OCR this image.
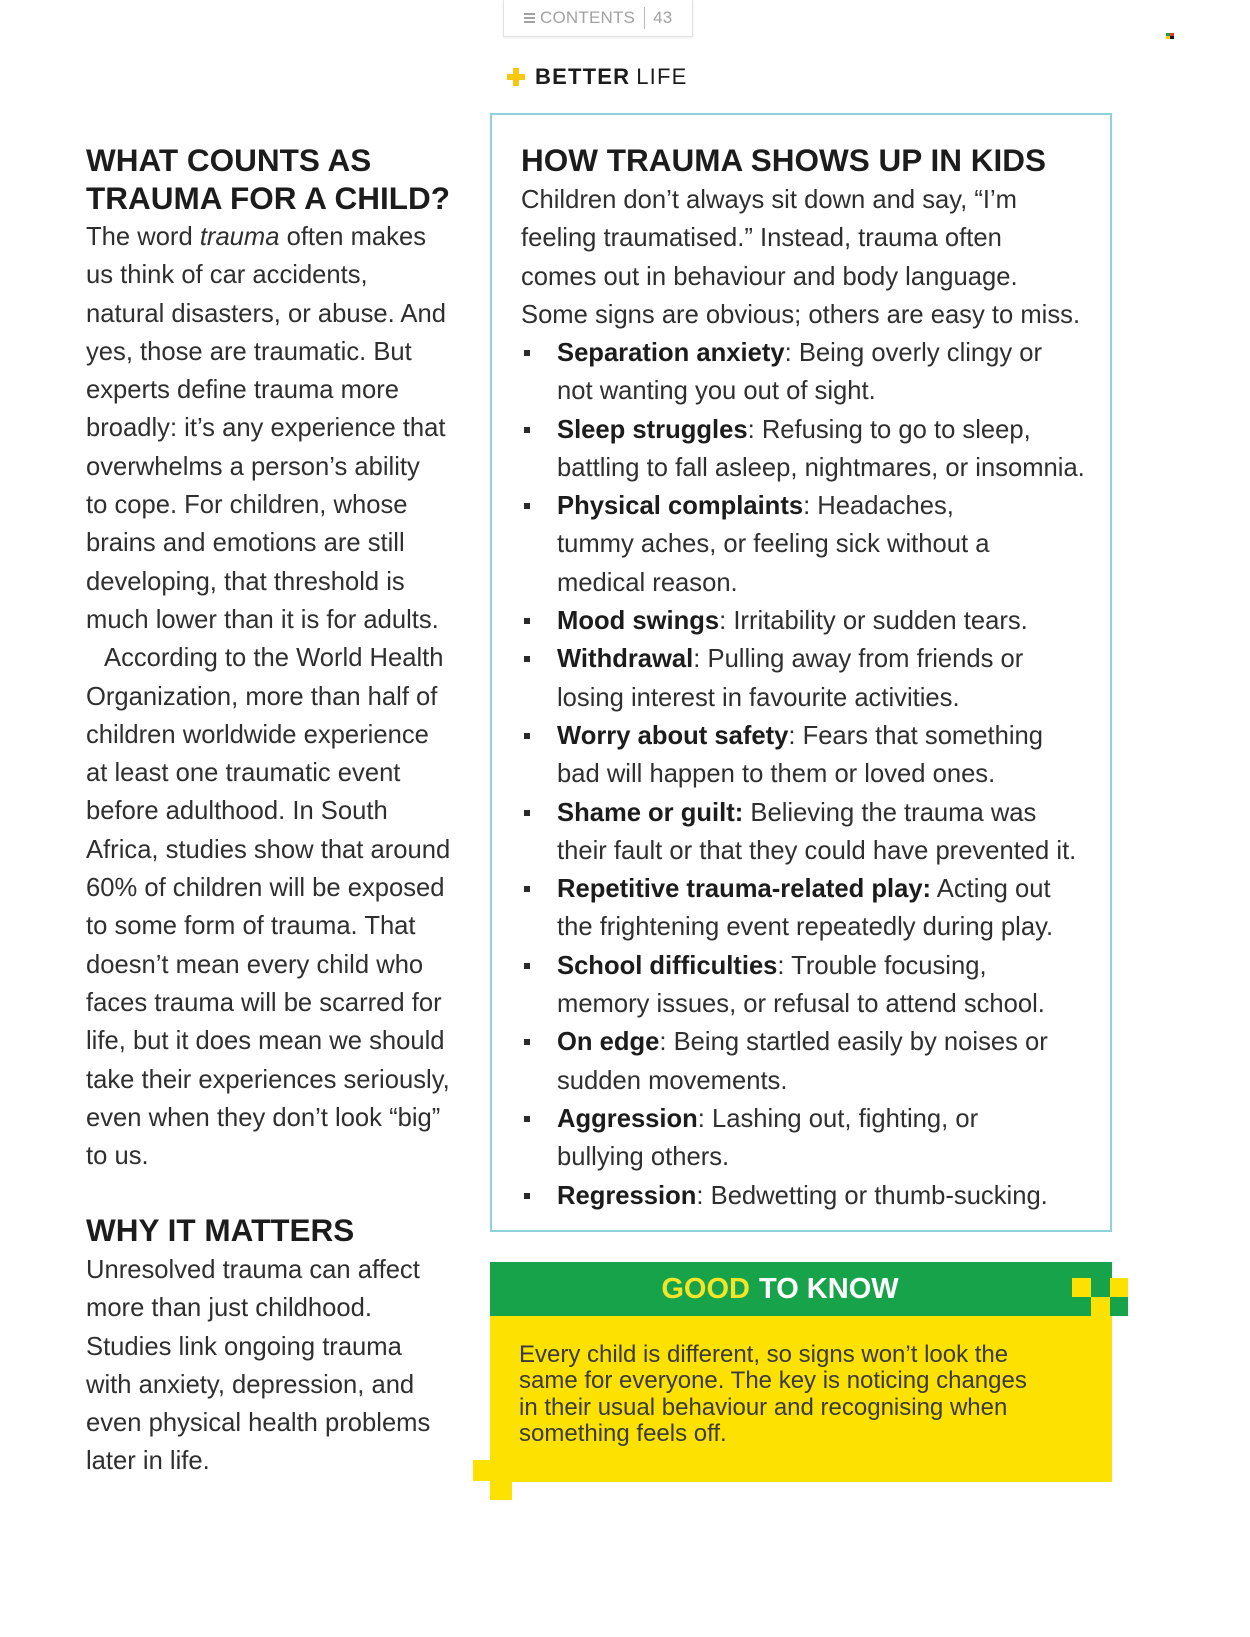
CONTENTS 43
BETTER LIFE
WHAT COUNTS AS
TRAUMA FOR A CHILD?
The word trauma often makes
us think of car accidents,
natural disasters, or abuse. And
yes, those are traumatic. But
experts define trauma more
broadly: it’s any experience that
overwhelms a person’s ability
to cope. For children, whose
brains and emotions are still
developing, that threshold is
much lower than it is for adults.
According to the World Health
Organization, more than half of
children worldwide experience
at least one traumatic event
before adulthood. In South
Africa, studies show that around
60% of children will be exposed
to some form of trauma. That
doesn’t mean every child who
faces trauma will be scarred for
life, but it does mean we should
take their experiences seriously,
even when they don’t look “big”
to us.
WHY IT MATTERS
Unresolved trauma can affect
more than just childhood.
Studies link ongoing trauma
with anxiety, depression, and
even physical health problems
later in life.
HOW TRAUMA SHOWS UP IN KIDS
Children don’t always sit down and say, “I’m
feeling traumatised.” Instead, trauma often
comes out in behaviour and body language.
Some signs are obvious; others are easy to miss.
Separation anxiety: Being overly clingy or
not wanting you out of sight.
Sleep struggles: Refusing to go to sleep,
battling to fall asleep, nightmares, or insomnia.
Physical complaints: Headaches,
tummy aches, or feeling sick without a
medical reason.
Mood swings: Irritability or sudden tears.
Withdrawal: Pulling away from friends or
losing interest in favourite activities.
Worry about safety: Fears that something
bad will happen to them or loved ones.
Shame or guilt: Believing the trauma was
their fault or that they could have prevented it.
Repetitive trauma-related play: Acting out
the frightening event repeatedly during play.
School difficulties: Trouble focusing,
memory issues, or refusal to attend school.
On edge: Being startled easily by noises or
sudden movements.
Aggression: Lashing out, fighting, or
bullying others.
Regression: Bedwetting or thumb-sucking.
GOOD TO KNOW
Every child is different, so signs won’t look the
same for everyone. The key is noticing changes
in their usual behaviour and recognising when
something feels off.
